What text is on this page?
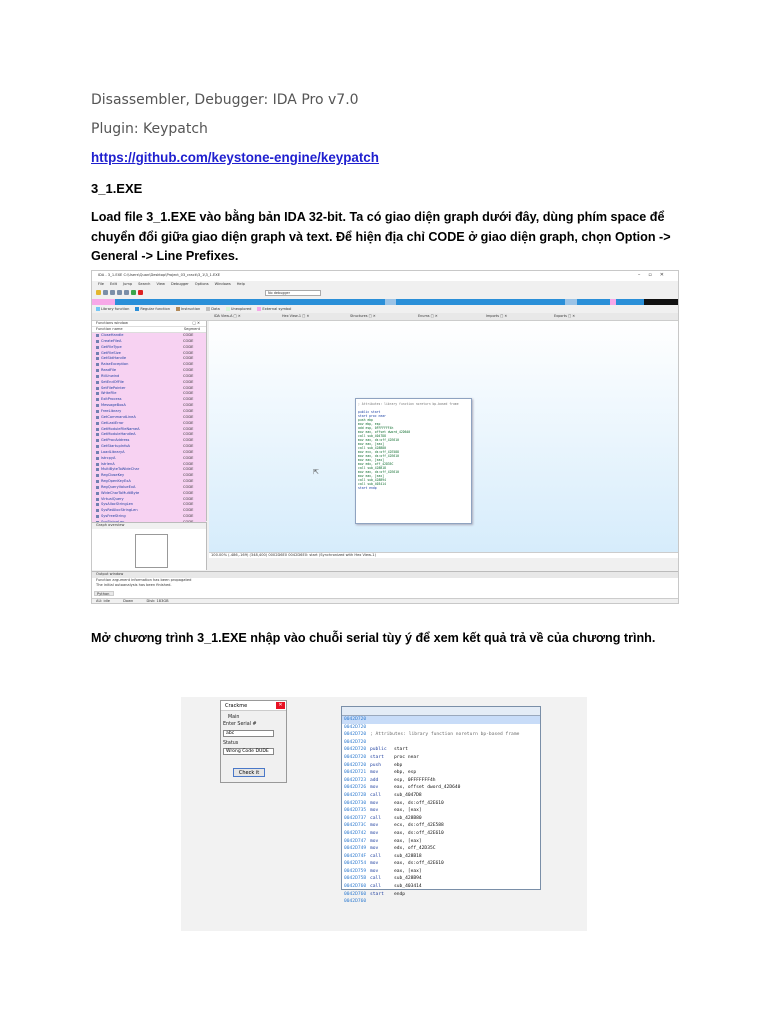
Disassembler, Debugger: IDA Pro v7.0
Plugin: Keypatch
https://github.com/keystone-engine/keypatch
3_1.EXE
Load file 3_1.EXE vào bằng bản IDA 32-bit. Ta có giao diện graph dưới đây, dùng phím space để chuyển đổi giữa giao diện graph và text. Để hiện địa chỉ CODE ở giao diện graph, chọn Option -> General -> Line Prefixes.
IDA - 3_1.EXE C:\Users\Quan\Desktop\Project_03_crack\3_1\3_1.EXE	–▫✕
File Edit Jump Search View Debugger Options Windows Help
No debugger
Library function	Regular function	Instruction	Data	Unexplored	External symbol
IDA View-A □ ✕	Hex View-1 □ ✕	Structures □ ✕	Enums □ ✕	Imports □ ✕	Exports □ ✕
Functions window	□ ✕
Function name	Segment
CloseHandle	CODE
CreateFileA	CODE
GetFileType	CODE
GetFileSize	CODE
GetStdHandle	CODE
RaiseException	CODE
ReadFile	CODE
RtlUnwind	CODE
SetEndOfFile	CODE
SetFilePointer	CODE
WriteFile	CODE
ExitProcess	CODE
MessageBoxA	CODE
FreeLibrary	CODE
GetCommandLineA	CODE
GetLastError	CODE
GetModuleFileNameA	CODE
GetModuleHandleA	CODE
GetProcAddress	CODE
GetStartupInfoA	CODE
LoadLibraryA	CODE
lstrcpyA	CODE
lstrlenA	CODE
MultiByteToWideChar	CODE
RegCloseKey	CODE
RegOpenKeyExA	CODE
RegQueryValueExA	CODE
WideCharToMultiByte	CODE
VirtualQuery	CODE
SysAllocStringLen	CODE
SysReAllocStringLen	CODE
SysFreeString	CODE
Graph overview
; Attributes: library function noreturn bp-based frame

public start
start proc near
push ebp
mov ebp, esp
add esp, 0FFFFFFF4h
mov eax, offset dword_42D640
call sub_4047D8
mov eax, ds:off_42E610
mov eax, [eax]
call sub_428B80
mov ecx, ds:off_42E588
mov eax, ds:off_42E610
mov eax, [eax]
mov edx, off_42D35C
call sub_428B18
mov eax, ds:off_42E610
mov eax, [eax]
call sub_428B94
call sub_403414
start endp
⇱
100.00% (-486,-169) (348,400) 0002D6E0 0042D6E0: start (Synchronized with Hex View-1)
Output window
Function argument information has been propagated
The initial autoanalysis has been finished.
Python
AU: idle	Down	Disk: 183GB
Mở chương trình 3_1.EXE nhập vào chuỗi serial tùy ý để xem kết quả trả về của chương trình.
Crackme	✕
Main
Enter Serial #
abc
Status
Wrong Code DUDE
Check it
0042D720
0042D720
0042D720 ; Attributes: library function noreturn bp-based frame
0042D720
0042D720 public	start
0042D720 start	proc near
0042D720 push	ebp
0042D721 mov	ebp, esp
0042D723 add	esp, 0FFFFFFF4h
0042D726 mov	eax, offset dword_42D640
0042D72B call	sub_4047D8
0042D730 mov	eax, ds:off_42E610
0042D735 mov	eax, [eax]
0042D737 call	sub_428B80
0042D73C mov	ecx, ds:off_42E588
0042D742 mov	eax, ds:off_42E610
0042D747 mov	eax, [eax]
0042D749 mov	edx, off_42D35C
0042D74F call	sub_428B18
0042D754 mov	eax, ds:off_42E610
0042D759 mov	eax, [eax]
0042D75B call	sub_428B94
0042D760 call	sub_403414
0042D760 start	endp
0042D760
